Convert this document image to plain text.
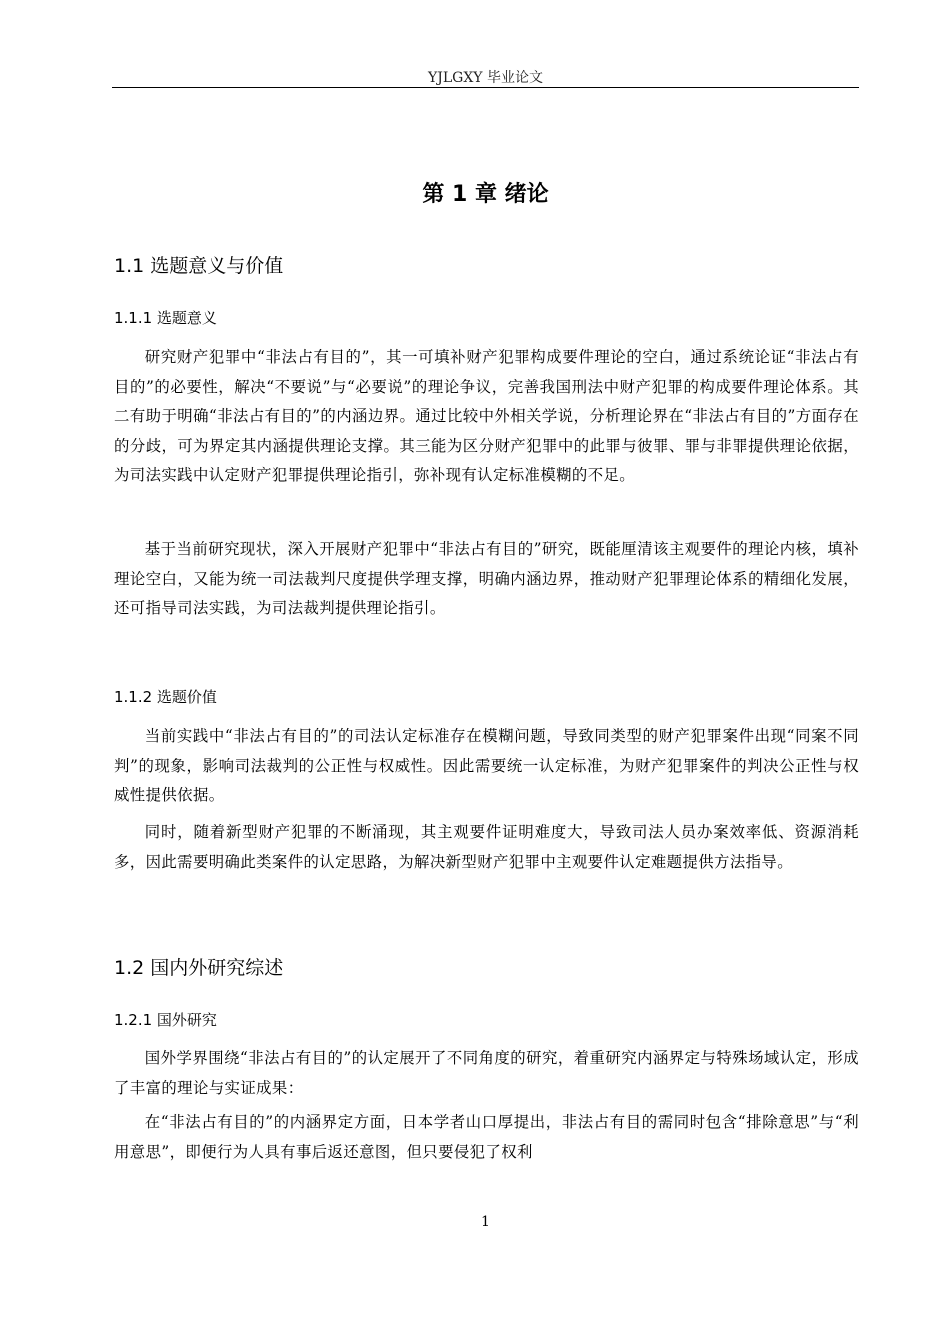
YJLGXY 毕业论文
第 1 章 绪论
1.1 选题意义与价值
1.1.1 选题意义

研究财产犯罪中“非法占有目的”，其一可填补财产犯罪构成要件理论的空白，通过系统论证“非法占有目的”的必要性，解决“不要说”与“必要说”的理论争议，完善我国刑法中财产犯罪的构成要件理论体系。其二有助于明确“非法占有目的”的内涵边界。通过比较中外相关学说，分析理论界在“非法占有目的”方面存在的分歧，可为界定其内涵提供理论支撑。其三能为区分财产犯罪中的此罪与彼罪、罪与非罪提供理论依据，为司法实践中认定财产犯罪提供理论指引，弥补现有认定标准模糊的不足。

基于当前研究现状，深入开展财产犯罪中“非法占有目的”研究，既能厘清该主观要件的理论内核，填补理论空白，又能为统一司法裁判尺度提供学理支撑，明确内涵边界，推动财产犯罪理论体系的精细化发展，还可指导司法实践，为司法裁判提供理论指引。

1.1.2 选题价值

当前实践中“非法占有目的”的司法认定标准存在模糊问题，导致同类型的财产犯罪案件出现“同案不同判”的现象，影响司法裁判的公正性与权威性。因此需要统一认定标准，为财产犯罪案件的判决公正性与权威性提供依据。

同时，随着新型财产犯罪的不断涌现，其主观要件证明难度大，导致司法人员办案效率低、资源消耗多，因此需要明确此类案件的认定思路，为解决新型财产犯罪中主观要件认定难题提供方法指导。

1.2 国内外研究综述
1.2.1 国外研究

国外学界围绕“非法占有目的”的认定展开了不同角度的研究，着重研究内涵界定与特殊场域认定，形成了丰富的理论与实证成果：

在“非法占有目的”的内涵界定方面，日本学者山口厚提出，非法占有目的需同时包含“排除意思”与“利用意思”，即便行为人具有事后返还意图，但只要侵犯了权利

1
